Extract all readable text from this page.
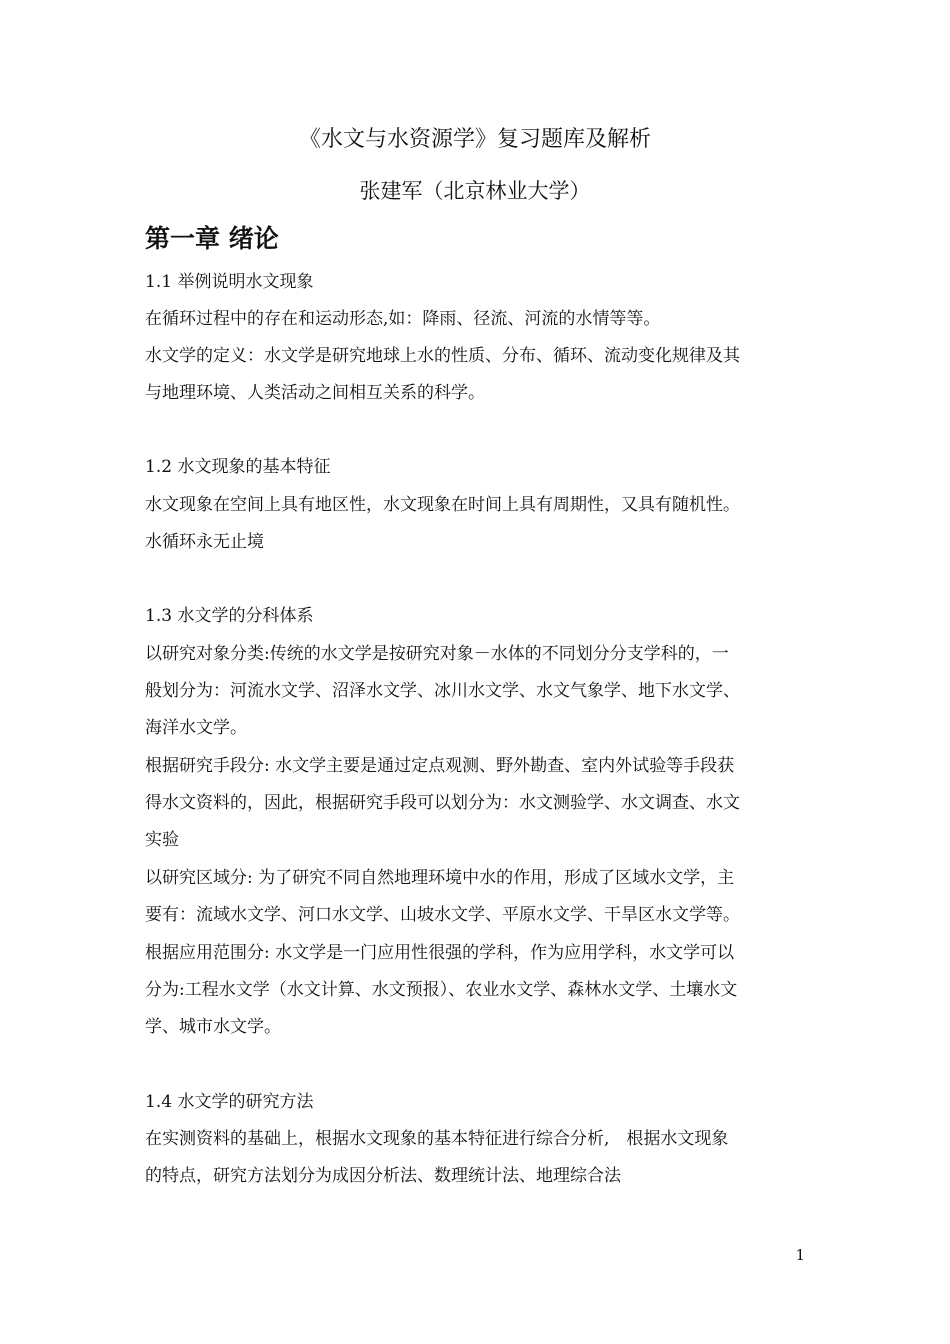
《水文与水资源学》复习题库及解析
张建军（北京林业大学）
第一章 绪论
1.1 举例说明水文现象
在循环过程中的存在和运动形态,如：降雨、径流、河流的水情等等。
水文学的定义：水文学是研究地球上水的性质、分布、循环、流动变化规律及其
与地理环境、人类活动之间相互关系的科学。
1.2 水文现象的基本特征
水文现象在空间上具有地区性，水文现象在时间上具有周期性，又具有随机性。
水循环永无止境
1.3 水文学的分科体系
以研究对象分类:传统的水文学是按研究对象－水体的不同划分分支学科的，一
般划分为：河流水文学、沼泽水文学、冰川水文学、水文气象学、地下水文学、
海洋水文学。
根据研究手段分: 水文学主要是通过定点观测、野外勘查、室内外试验等手段获
得水文资料的，因此，根据研究手段可以划分为：水文测验学、水文调查、水文
实验
以研究区域分: 为了研究不同自然地理环境中水的作用，形成了区域水文学，主
要有：流域水文学、河口水文学、山坡水文学、平原水文学、干旱区水文学等。
根据应用范围分: 水文学是一门应用性很强的学科，作为应用学科，水文学可以
分为:工程水文学（水文计算、水文预报）、农业水文学、森林水文学、土壤水文
学、城市水文学。
1.4 水文学的研究方法
在实测资料的基础上，根据水文现象的基本特征进行综合分析,　根据水文现象
的特点，研究方法划分为成因分析法、数理统计法、地理综合法
1
